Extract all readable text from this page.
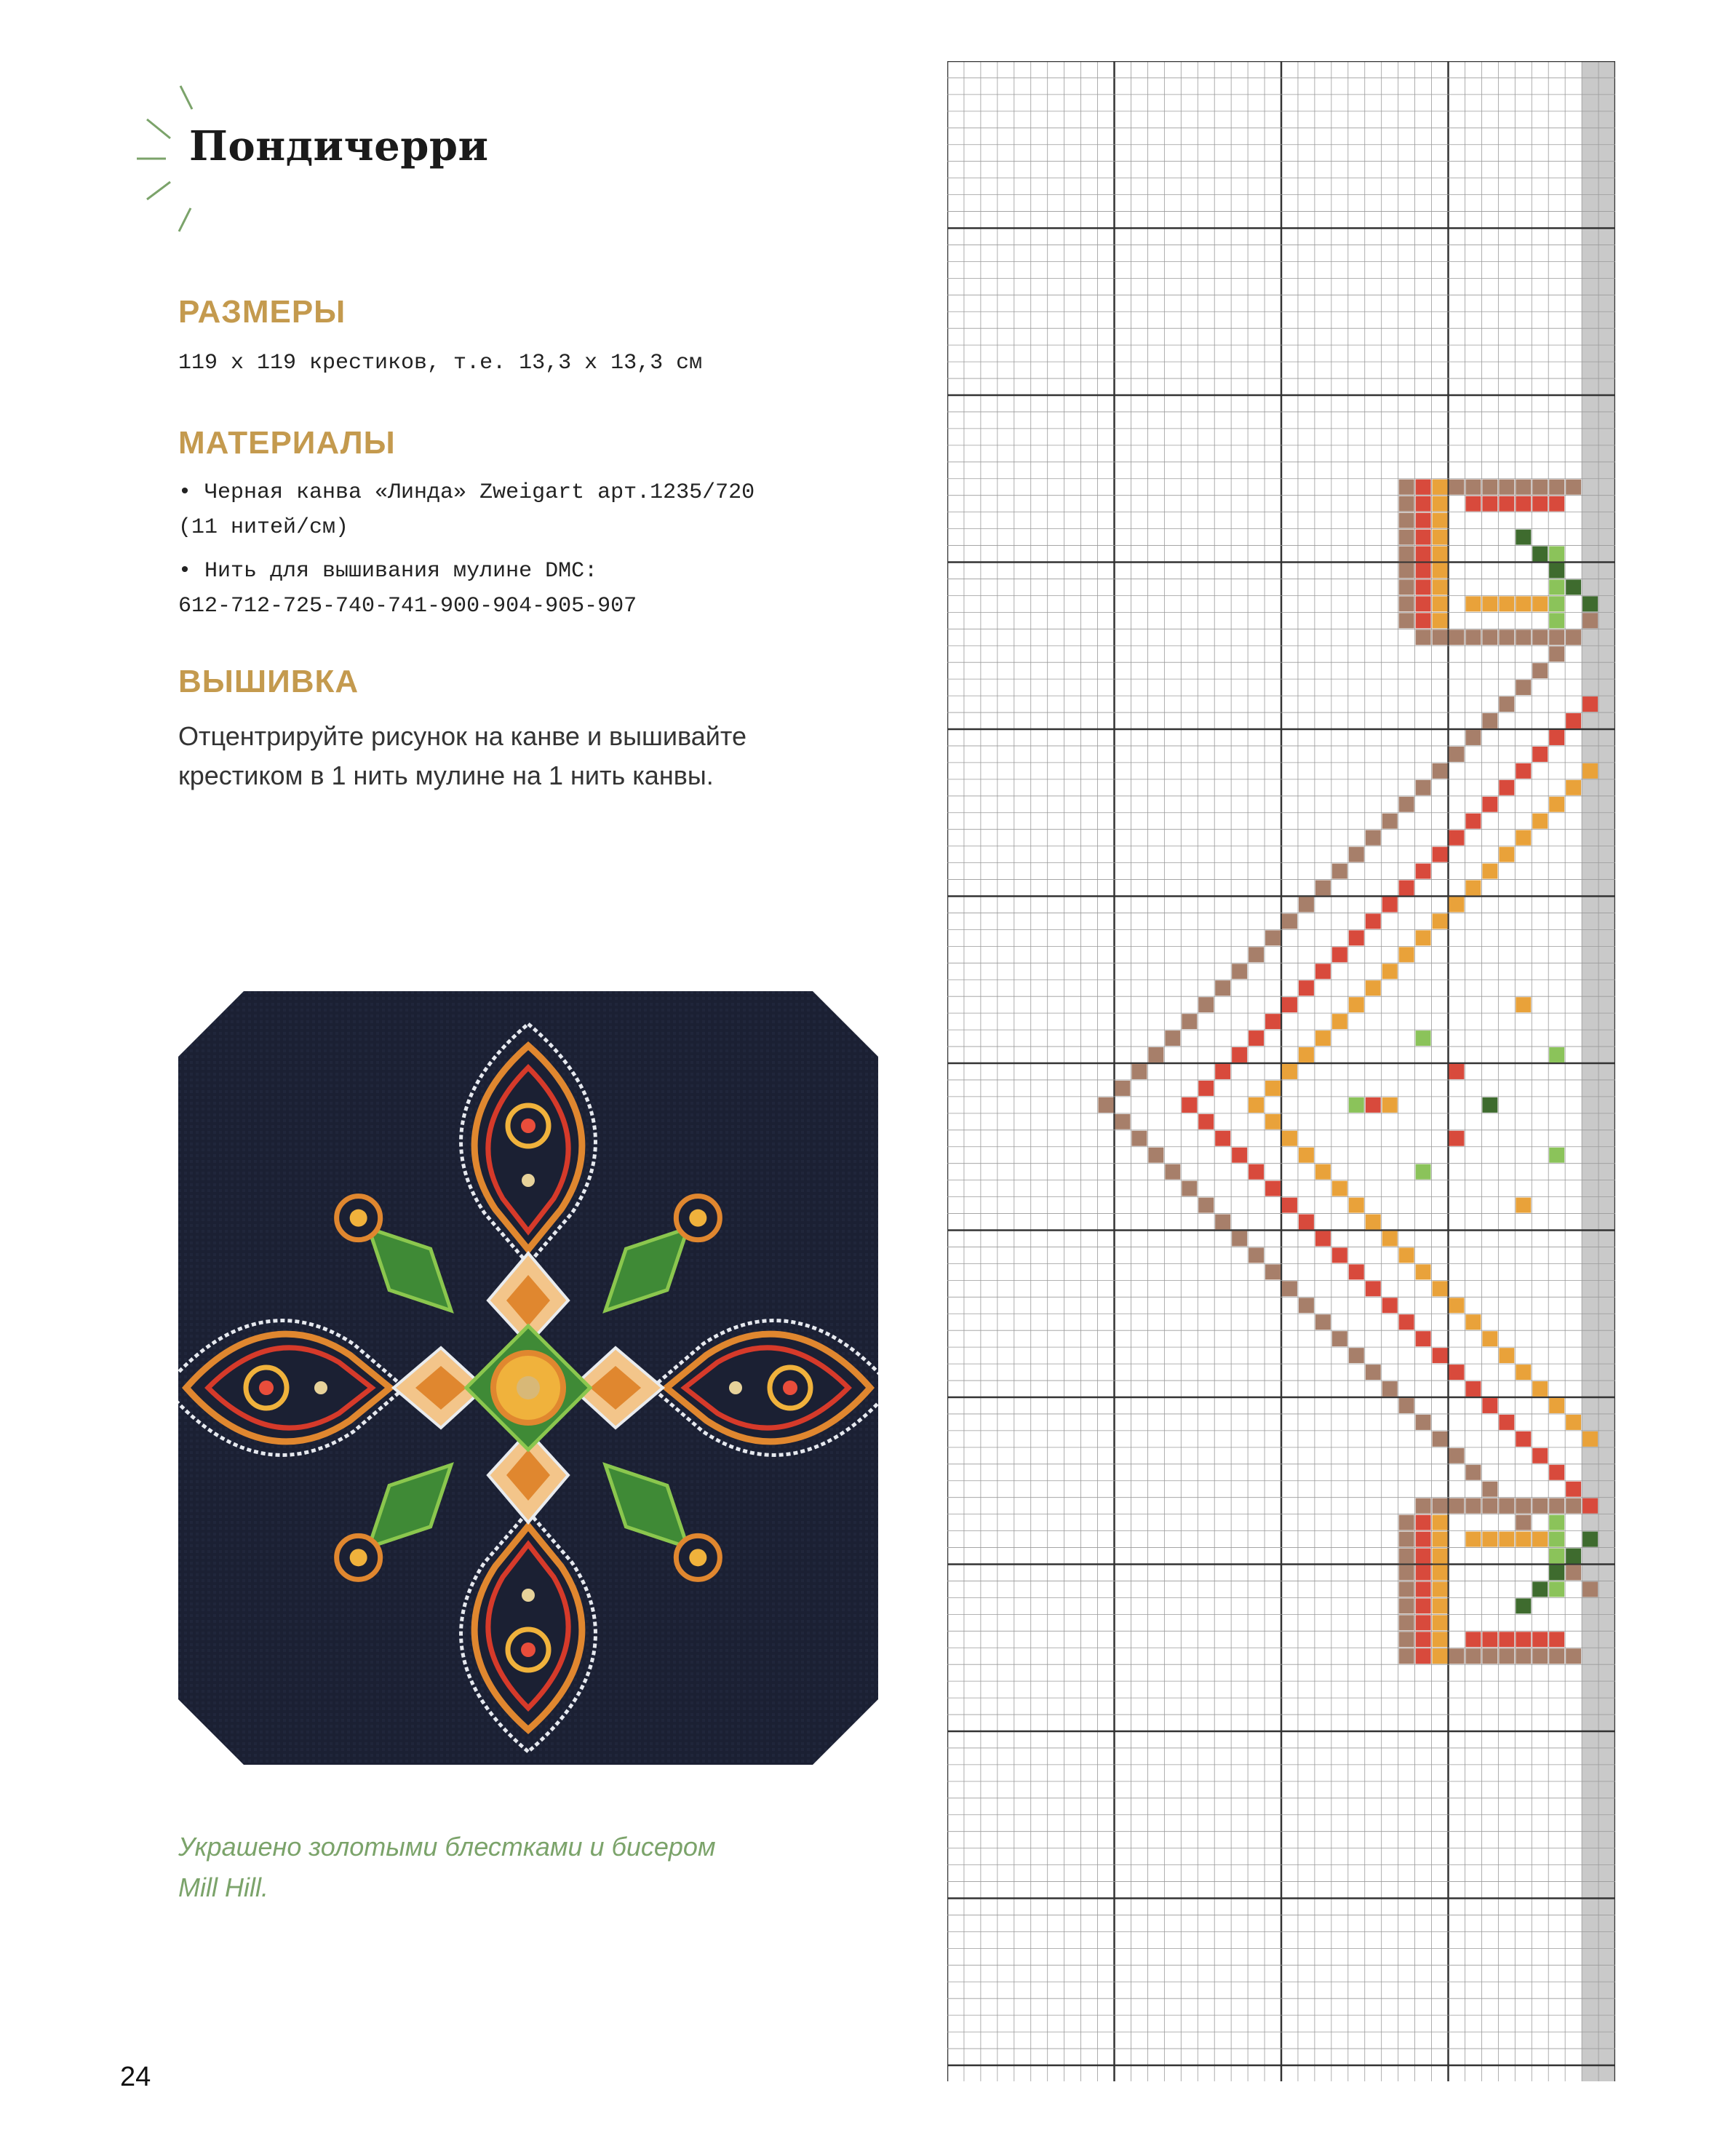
Пондичерри
РАЗМЕРЫ
119 x 119 крестиков, т.е. 13,3 x 13,3 см
МАТЕРИАЛЫ
• Черная канва «Линда» Zweigart арт.1235/720
(11 нитей/см)
• Нить для вышивания мулине DMC:
612-712-725-740-741-900-904-905-907
ВЫШИВКА
Отцентрируйте рисунок на канве и вышивайте
крестиком в 1 нить мулине на 1 нить канвы.
Украшено золотыми блестками и бисером
Mill Hill.
24
